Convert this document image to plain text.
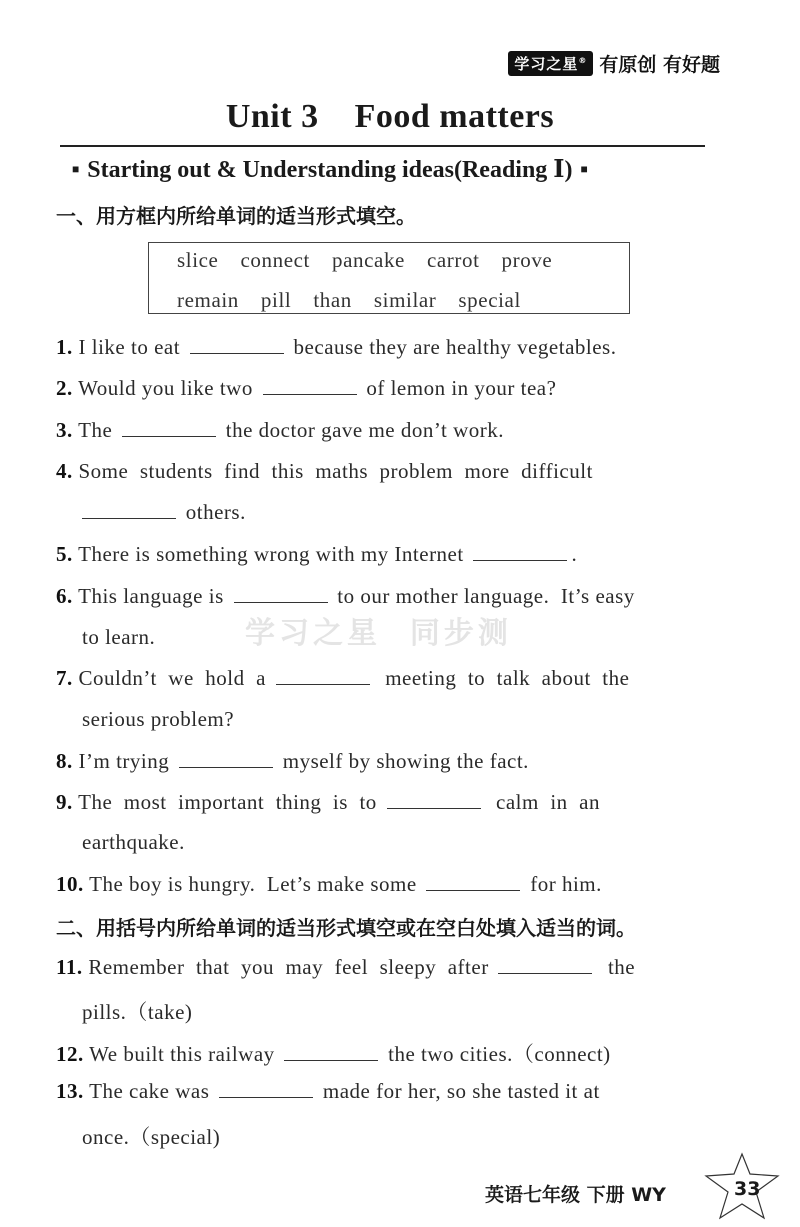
学习之星® 有原创 有好题
Unit 3    Food matters
■ Starting out & Understanding ideas(Reading Ⅰ) ■
一、用方框内所给单词的适当形式填空。
slice connect pancake carrot prove
remain pill than similar special
学习之星  同步测
1. I like to eat	because they are healthy vegetables.
2. Would you like two	of lemon in your tea?
3. The	the doctor gave me don’t work.
4. Some  students  find  this  maths  problem  more  difficult
others.
5. There is something wrong with my Internet	.
6. This language is	to our mother language.  It’s easy
to learn.
7. Couldn’t  we  hold  a	meeting  to  talk  about  the
serious problem?
8. I’m trying	myself by showing the fact.
9. The  most  important  thing  is  to	calm  in  an
earthquake.
10. The boy is hungry.  Let’s make some	for him.
二、用括号内所给单词的适当形式填空或在空白处填入适当的词。
11. Remember  that  you  may  feel  sleepy  after	the
pills.（take)
12. We built this railway	the two cities.（connect)
13. The cake was	made for her, so she tasted it at
once.（special)
英语七年级 下册 WY	33
